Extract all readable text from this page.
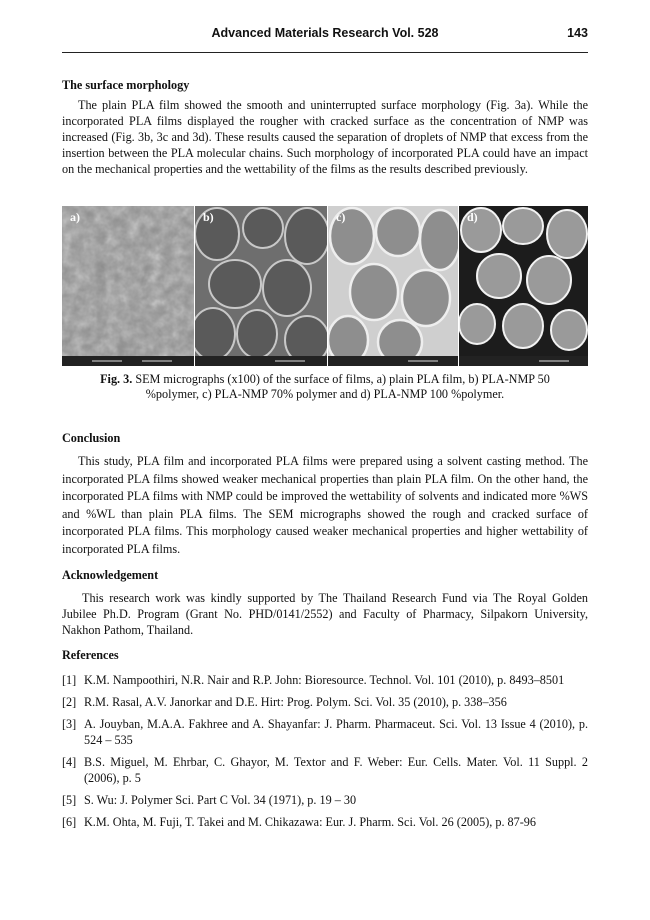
Advanced Materials Research Vol. 528	143
The surface morphology

The plain PLA film showed the smooth and uninterrupted surface morphology (Fig. 3a). While the incorporated PLA films displayed the rougher with cracked surface as the concentration of NMP was increased (Fig. 3b, 3c and 3d). These results caused the separation of droplets of NMP that excess from the insertion between the PLA molecular chains. Such morphology of incorporated PLA could have an impact on the mechanical properties and the wettability of the films as the results described previously.

a)	b)	c)	d)
Fig. 3. SEM micrographs (x100) of the surface of films, a) plain PLA film, b) PLA-NMP 50 %polymer, c) PLA-NMP 70% polymer and d) PLA-NMP 100 %polymer.
Conclusion

This study, PLA film and incorporated PLA films were prepared using a solvent casting method. The incorporated PLA films showed weaker mechanical properties than plain PLA film. On the other hand, the incorporated PLA films with NMP could be improved the wettability of solvents and indicated more %WS and %WL than plain PLA films. The SEM micrographs showed the rough and cracked surface of incorporated PLA films. This morphology caused weaker mechanical properties and higher wettability of incorporated PLA films.

Acknowledgement

This research work was kindly supported by The Thailand Research Fund via The Royal Golden Jubilee Ph.D. Program (Grant No. PHD/0141/2552) and Faculty of Pharmacy, Silpakorn University, Nakhon Pathom, Thailand.

References
[1] K.M. Nampoothiri, N.R. Nair and R.P. John: Bioresource. Technol. Vol. 101 (2010), p. 8493–8501
[2] R.M. Rasal, A.V. Janorkar and D.E. Hirt: Prog. Polym. Sci. Vol. 35 (2010), p. 338–356
[3] A. Jouyban, M.A.A. Fakhree and A. Shayanfar: J. Pharm. Pharmaceut. Sci. Vol. 13 Issue 4 (2010), p. 524 – 535
[4] B.S. Miguel, M. Ehrbar, C. Ghayor, M. Textor and F. Weber: Eur. Cells. Mater. Vol. 11 Suppl. 2 (2006), p. 5
[5] S. Wu: J. Polymer Sci. Part C Vol. 34 (1971), p. 19 – 30
[6] K.M. Ohta, M. Fuji, T. Takei and M. Chikazawa: Eur. J. Pharm. Sci. Vol. 26 (2005), p. 87-96
